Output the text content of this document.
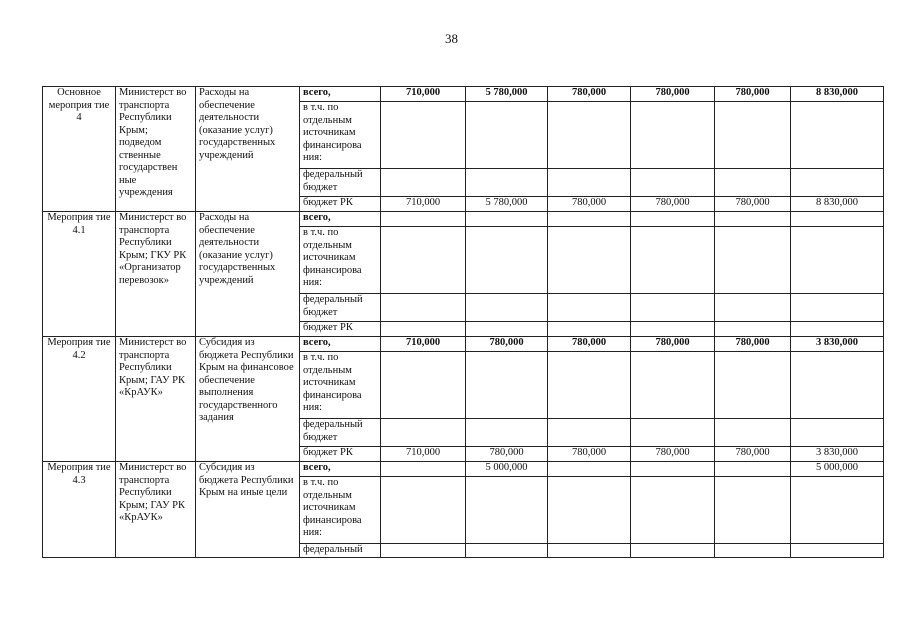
38
Основное мероприя тие 4	Министерст во транспорта Республики Крым; подведом ственные государствен ные учреждения	Расходы на обеспечение деятельности (оказание услуг) государственных учреждений	всего,	710,000	5 780,000	780,000	780,000	780,000	8 830,000
			в т.ч. по отдельным источникам финансирова ния:						
			федеральный бюджет						
			бюджет РК	710,000	5 780,000	780,000	780,000	780,000	8 830,000
Мероприя тие 4.1	Министерст во транспорта Республики Крым; ГКУ РК «Организатор перевозок»	Расходы на обеспечение деятельности (оказание услуг) государственных учреждений	всего,						
			в т.ч. по отдельным источникам финансирова ния:						
			федеральный бюджет						
			бюджет РК						
Мероприя тие 4.2	Министерст во транспорта Республики Крым; ГАУ РК «КрАУК»	Субсидия из бюджета Республики Крым на финансовое обеспечение выполнения государственного задания	всего,	710,000	780,000	780,000	780,000	780,000	3 830,000
			в т.ч. по отдельным источникам финансирова ния:						
			федеральный бюджет						
			бюджет РК	710,000	780,000	780,000	780,000	780,000	3 830,000
Мероприя тие 4.3	Министерст во транспорта Республики Крым; ГАУ РК «КрАУК»	Субсидия из бюджета Республики Крым на иные цели	всего,		5 000,000				5 000,000
			в т.ч. по отдельным источникам финансирова ния:						
			федеральный						
